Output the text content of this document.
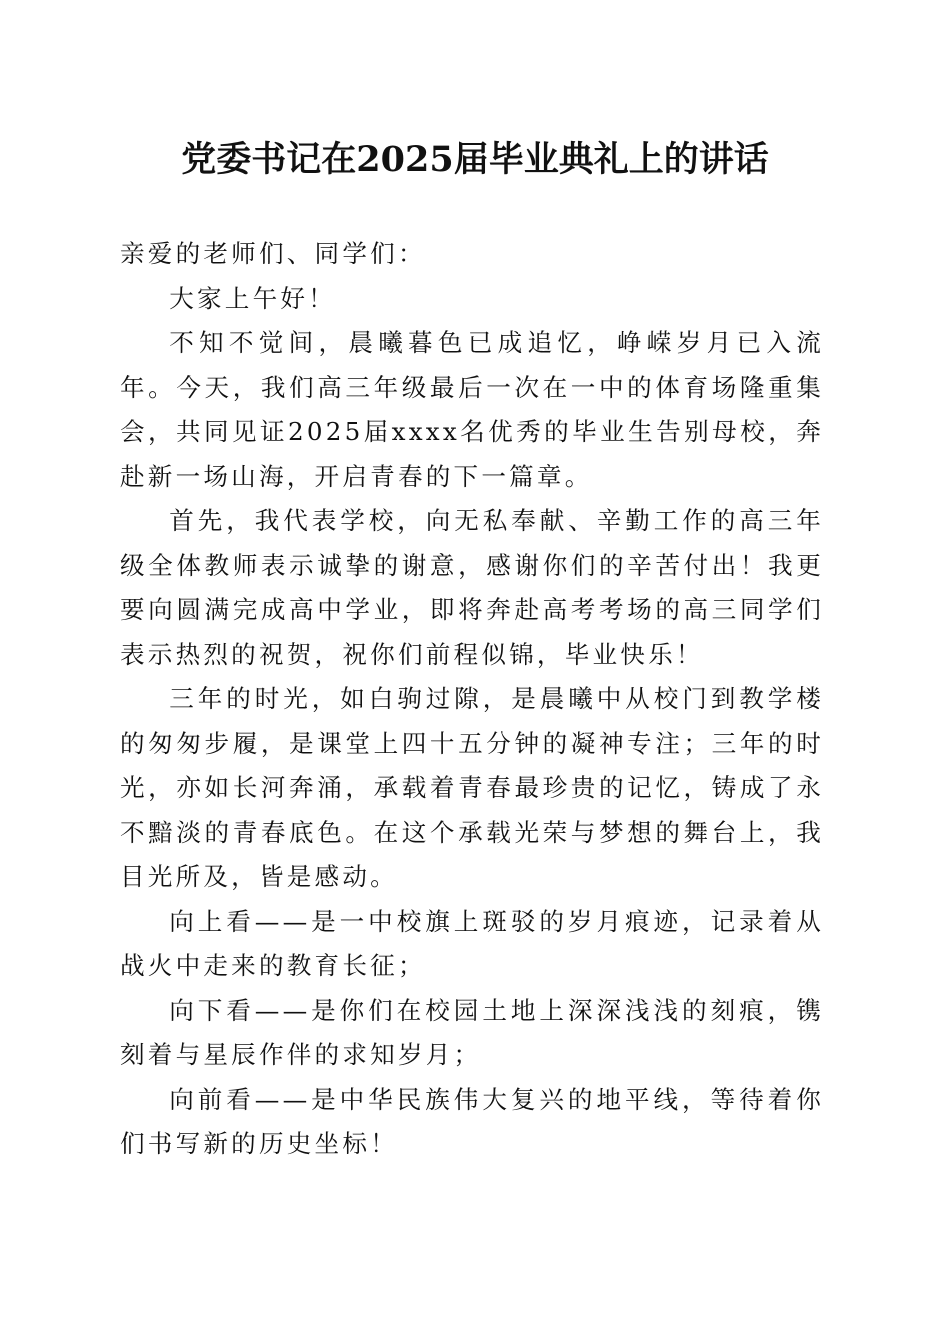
党委书记在2025届毕业典礼上的讲话

亲爱的老师们、同学们：

大家上午好！

不知不觉间，晨曦暮色已成追忆，峥嵘岁月已入流年。今天，我们高三年级最后一次在一中的体育场隆重集会，共同见证2025届xxxx名优秀的毕业生告别母校，奔赴新一场山海，开启青春的下一篇章。

首先，我代表学校，向无私奉献、辛勤工作的高三年级全体教师表示诚挚的谢意，感谢你们的辛苦付出！我更要向圆满完成高中学业，即将奔赴高考考场的高三同学们表示热烈的祝贺，祝你们前程似锦，毕业快乐！

三年的时光，如白驹过隙，是晨曦中从校门到教学楼的匆匆步履，是课堂上四十五分钟的凝神专注；三年的时光，亦如长河奔涌，承载着青春最珍贵的记忆，铸成了永不黯淡的青春底色。在这个承载光荣与梦想的舞台上，我目光所及，皆是感动。

向上看——是一中校旗上斑驳的岁月痕迹，记录着从战火中走来的教育长征；

向下看——是你们在校园土地上深深浅浅的刻痕，镌刻着与星辰作伴的求知岁月；

向前看——是中华民族伟大复兴的地平线，等待着你们书写新的历史坐标！
